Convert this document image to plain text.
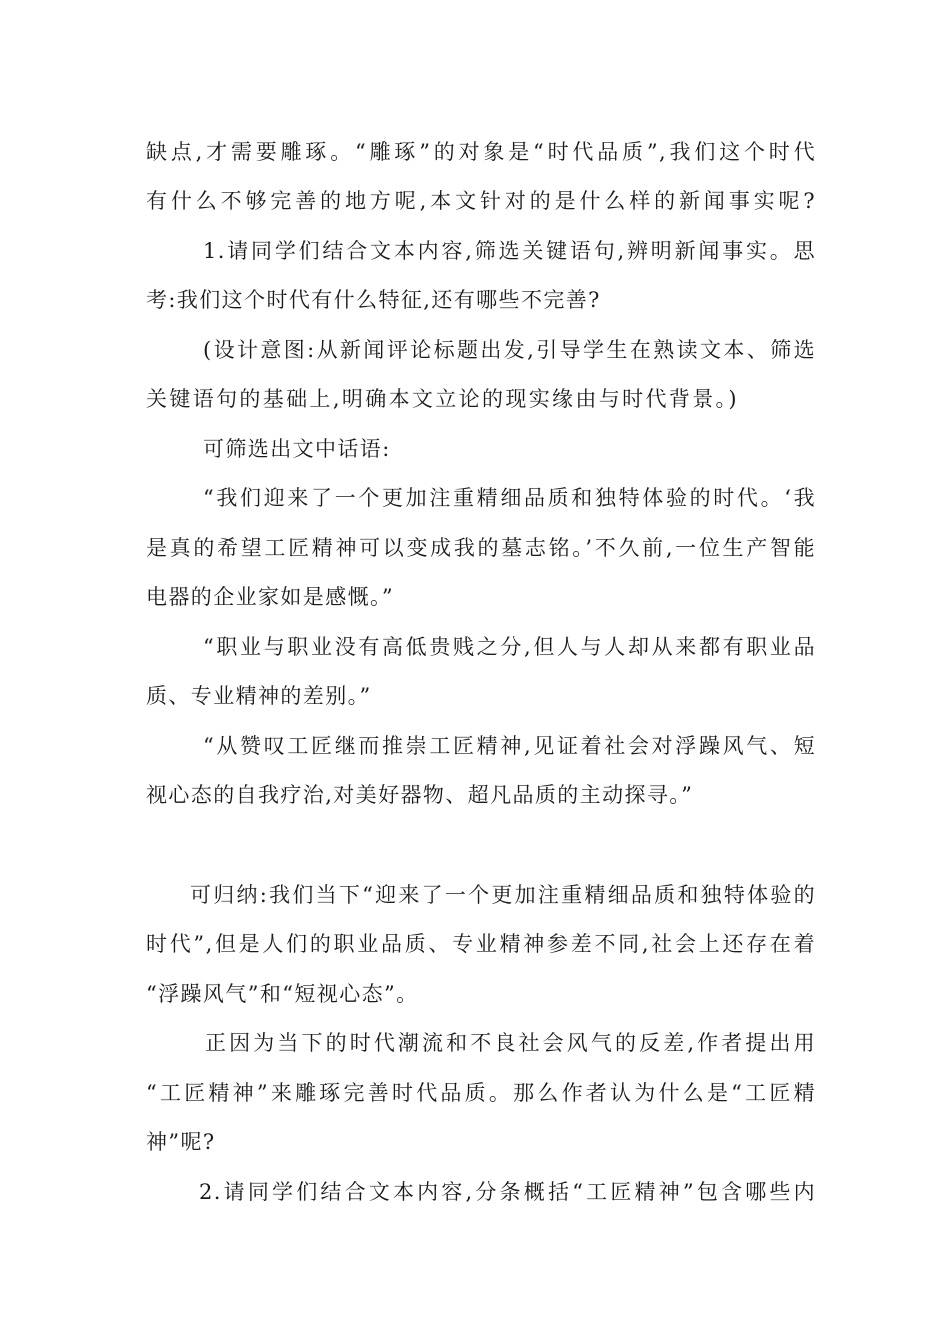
缺点,才需要雕琢。“雕琢”的对象是“时代品质”,我们这个时代
有什么不够完善的地方呢,本文针对的是什么样的新闻事实呢?
1.请同学们结合文本内容,筛选关键语句,辨明新闻事实。思
考:我们这个时代有什么特征,还有哪些不完善?
(设计意图:从新闻评论标题出发,引导学生在熟读文本、筛选
关键语句的基础上,明确本文立论的现实缘由与时代背景。)
可筛选出文中话语:
“我们迎来了一个更加注重精细品质和独特体验的时代。‘我
是真的希望工匠精神可以变成我的墓志铭。’不久前,一位生产智能
电器的企业家如是感慨。”
“职业与职业没有高低贵贱之分,但人与人却从来都有职业品
质、专业精神的差别。”
“从赞叹工匠继而推崇工匠精神,见证着社会对浮躁风气、短
视心态的自我疗治,对美好器物、超凡品质的主动探寻。”
可归纳:我们当下“迎来了一个更加注重精细品质和独特体验的
时代”,但是人们的职业品质、专业精神参差不同,社会上还存在着
“浮躁风气”和“短视心态”。
正因为当下的时代潮流和不良社会风气的反差,作者提出用
“工匠精神”来雕琢完善时代品质。那么作者认为什么是“工匠精
神”呢?
2.请同学们结合文本内容,分条概括“工匠精神”包含哪些内
